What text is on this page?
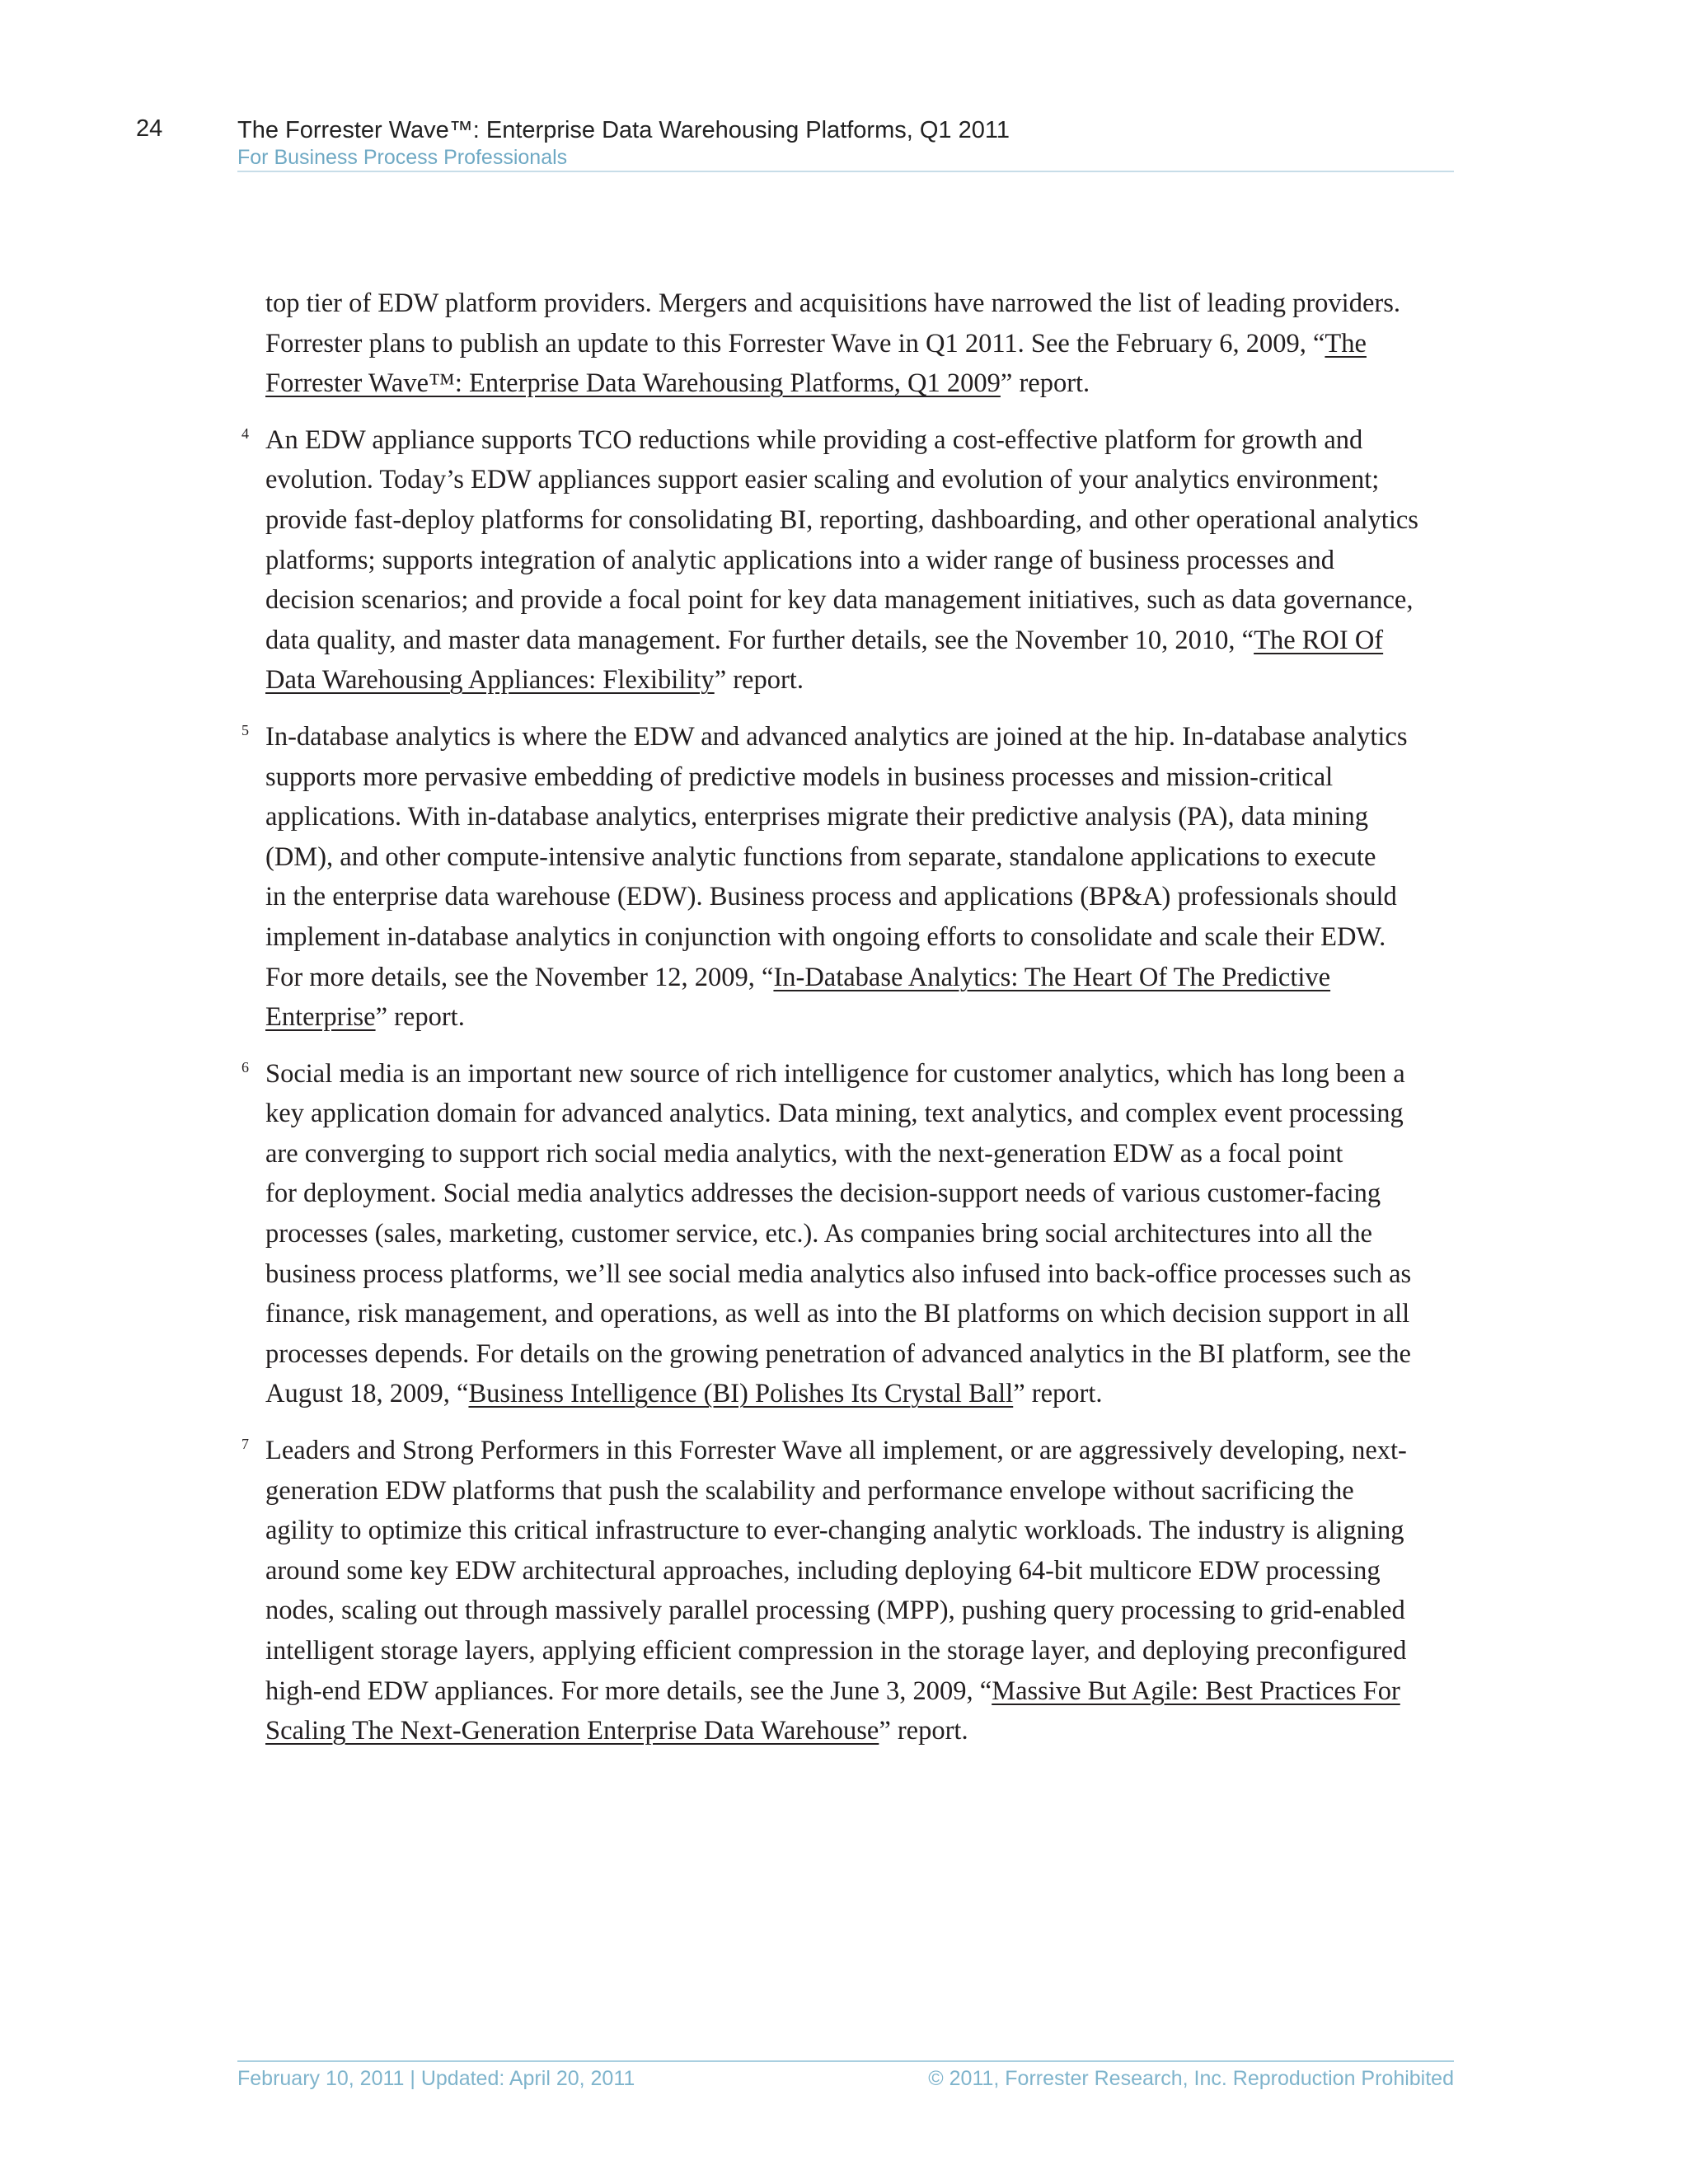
24	The Forrester Wave™: Enterprise Data Warehousing Platforms, Q1 2011
For Business Process Professionals
top tier of EDW platform providers. Mergers and acquisitions have narrowed the list of leading providers.
Forrester plans to publish an update to this Forrester Wave in Q1 2011. See the February 6, 2009, “The
Forrester Wave™: Enterprise Data Warehousing Platforms, Q1 2009” report.
4 An EDW appliance supports TCO reductions while providing a cost-effective platform for growth and
evolution. Today’s EDW appliances support easier scaling and evolution of your analytics environment;
provide fast-deploy platforms for consolidating BI, reporting, dashboarding, and other operational analytics
platforms; supports integration of analytic applications into a wider range of business processes and
decision scenarios; and provide a focal point for key data management initiatives, such as data governance,
data quality, and master data management. For further details, see the November 10, 2010, “The ROI Of
Data Warehousing Appliances: Flexibility” report.
5 In-database analytics is where the EDW and advanced analytics are joined at the hip. In-database analytics
supports more pervasive embedding of predictive models in business processes and mission-critical
applications. With in-database analytics, enterprises migrate their predictive analysis (PA), data mining
(DM), and other compute-intensive analytic functions from separate, standalone applications to execute
in the enterprise data warehouse (EDW). Business process and applications (BP&A) professionals should
implement in-database analytics in conjunction with ongoing efforts to consolidate and scale their EDW.
For more details, see the November 12, 2009, “In-Database Analytics: The Heart Of The Predictive
Enterprise” report.
6 Social media is an important new source of rich intelligence for customer analytics, which has long been a
key application domain for advanced analytics. Data mining, text analytics, and complex event processing
are converging to support rich social media analytics, with the next-generation EDW as a focal point
for deployment. Social media analytics addresses the decision-support needs of various customer-facing
processes (sales, marketing, customer service, etc.). As companies bring social architectures into all the
business process platforms, we’ll see social media analytics also infused into back-office processes such as
finance, risk management, and operations, as well as into the BI platforms on which decision support in all
processes depends. For details on the growing penetration of advanced analytics in the BI platform, see the
August 18, 2009, “Business Intelligence (BI) Polishes Its Crystal Ball” report.
7 Leaders and Strong Performers in this Forrester Wave all implement, or are aggressively developing, next-
generation EDW platforms that push the scalability and performance envelope without sacrificing the
agility to optimize this critical infrastructure to ever-changing analytic workloads. The industry is aligning
around some key EDW architectural approaches, including deploying 64-bit multicore EDW processing
nodes, scaling out through massively parallel processing (MPP), pushing query processing to grid-enabled
intelligent storage layers, applying efficient compression in the storage layer, and deploying preconfigured
high-end EDW appliances. For more details, see the June 3, 2009, “Massive But Agile: Best Practices For
Scaling The Next-Generation Enterprise Data Warehouse” report.
February 10, 2011 | Updated: April 20, 2011	© 2011, Forrester Research, Inc. Reproduction Prohibited
